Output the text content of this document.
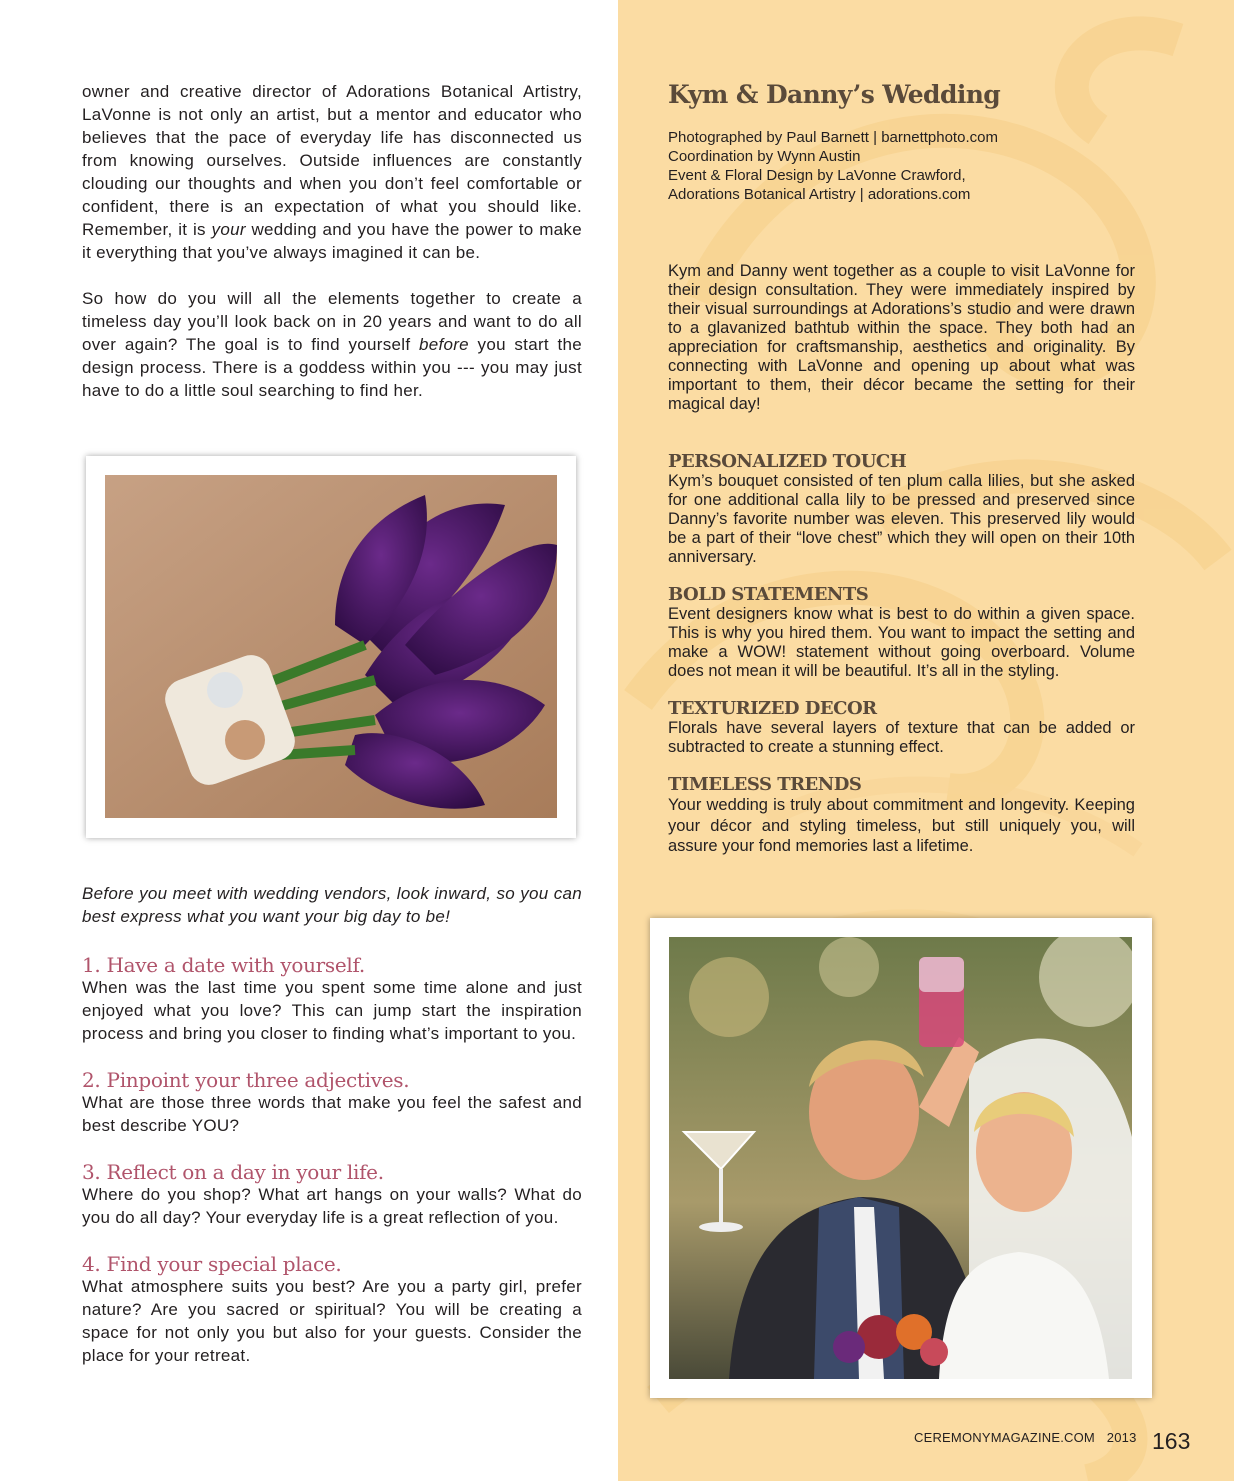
owner and creative director of Adorations Botanical Artistry, LaVonne is not only an artist, but a mentor and educator who believes that the pace of everyday life has disconnected us from knowing ourselves. Outside influences are constantly clouding our thoughts and when you don’t feel comfortable or confident, there is an expectation of what you should like. Remember, it is your wedding and you have the power to make it everything that you’ve always imagined it can be.

So how do you will all the elements together to create a timeless day you’ll look back on in 20 years and want to do all over again? The goal is to find yourself before you start the design process. There is a goddess within you --- you may just have to do a little soul searching to find her.

Before you meet with wedding vendors, look inward, so you can best express what you want your big day to be!

1. Have a date with yourself.

When was the last time you spent some time alone and just enjoyed what you love? This can jump start the inspiration process and bring you closer to finding what’s important to you.

2. Pinpoint your three adjectives.

What are those three words that make you feel the safest and best describe YOU?

3. Reflect on a day in your life.

Where do you shop? What art hangs on your walls? What do you do all day? Your everyday life is a great reflection of you.

4. Find your special place.

What atmosphere suits you best? Are you a party girl, prefer nature? Are you sacred or spiritual? You will be creating a space for not only you but also for your guests. Consider the place for your retreat.

Kym & Danny’s Wedding
Photographed by Paul Barnett | barnettphoto.com
Coordination by Wynn Austin
Event & Floral Design by LaVonne Crawford,
Adorations Botanical Artistry | adorations.com

Kym and Danny went together as a couple to visit LaVonne for their design consultation. They were immediately inspired by their visual surroundings at Adorations’s studio and were drawn to a glavanized bathtub within the space. They both had an appreciation for craftsmanship, aesthetics and originality. By connecting with LaVonne and opening up about what was important to them, their décor became the setting for their magical day!

PERSONALIZED TOUCH

Kym’s bouquet consisted of ten plum calla lilies, but she asked for one additional calla lily to be pressed and preserved since Danny’s favorite number was eleven. This preserved lily would be a part of their “love chest” which they will open on their 10th anniversary.

BOLD STATEMENTS

Event designers know what is best to do within a given space. This is why you hired them. You want to impact the setting and make a WOW! statement without going overboard. Volume does not mean it will be beautiful. It’s all in the styling.

TEXTURIZED DECOR

Florals have several layers of texture that can be added or subtracted to create a stunning effect.

TIMELESS TRENDS

Your wedding is truly about commitment and longevity. Keeping your décor and styling timeless, but still uniquely you, will assure your fond memories last a lifetime.

CEREMONYMAGAZINE.COM 2013 163
